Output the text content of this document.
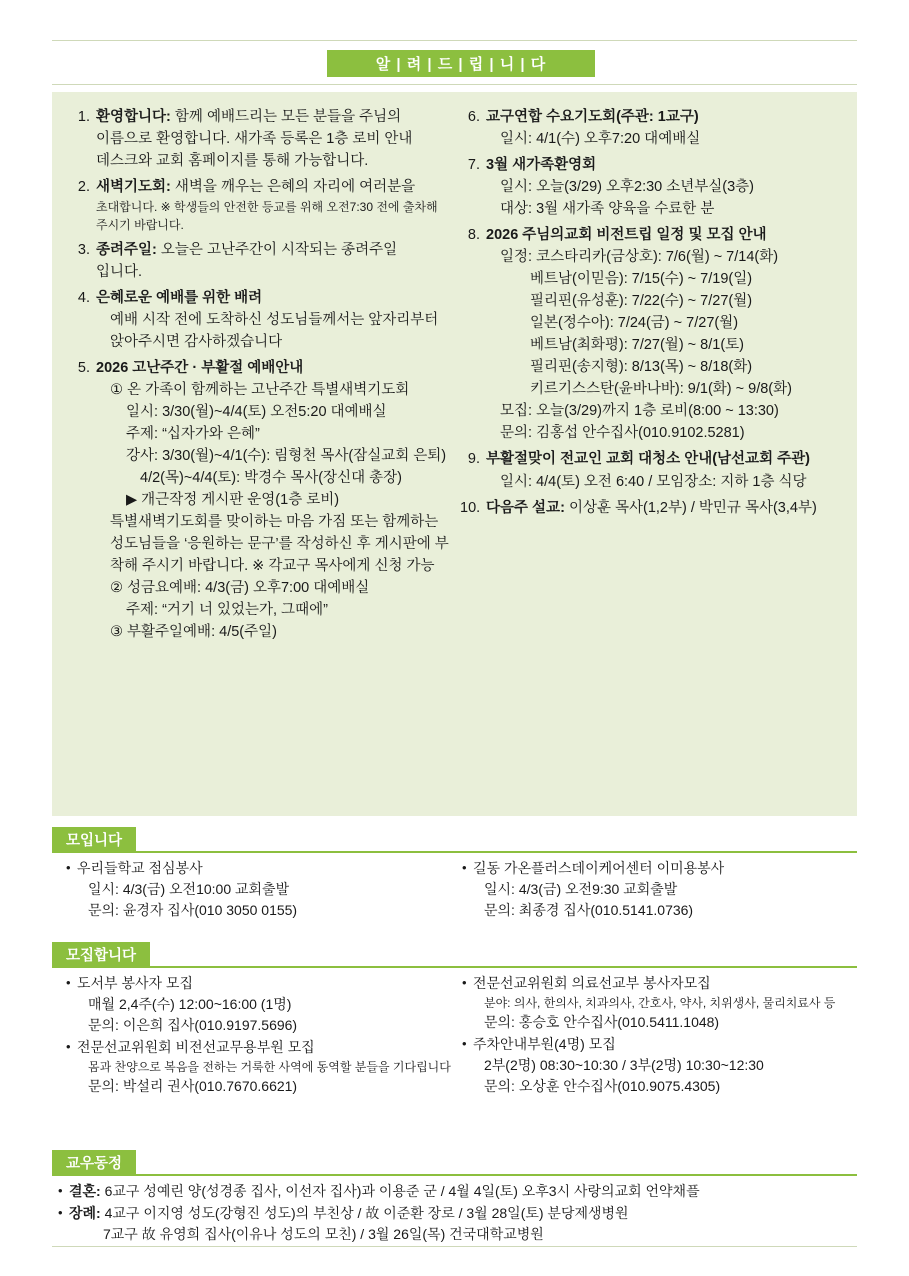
알 | 려 | 드 | 립 | 니 | 다
1. 환영합니다: 함께 예배드리는 모든 분들을 주님의
이름으로 환영합니다. 새가족 등록은 1층 로비 안내
데스크와 교회 홈페이지를 통해 가능합니다.
2. 새벽기도회: 새벽을 깨우는 은혜의 자리에 여러분을
초대합니다. ※ 학생들의 안전한 등교를 위해 오전7:30 전에 출차해
주시기 바랍니다.
3. 종려주일: 오늘은 고난주간이 시작되는 종려주일
입니다.
4. 은혜로운 예배를 위한 배려
예배 시작 전에 도착하신 성도님들께서는 앞자리부터
앉아주시면 감사하겠습니다
5. 2026 고난주간 · 부활절 예배안내
① 온 가족이 함께하는 고난주간 특별새벽기도회
일시: 3/30(월)~4/4(토) 오전5:20 대예배실
주제: “십자가와 은혜”
강사: 3/30(월)~4/1(수): 림형천 목사(잠실교회 은퇴)
4/2(목)~4/4(토): 박경수 목사(장신대 총장)
▶ 개근작정 게시판 운영(1층 로비)
특별새벽기도회를 맞이하는 마음 가짐 또는 함께하는
성도님들을 ‘응원하는 문구’를 작성하신 후 게시판에 부
착해 주시기 바랍니다. ※ 각교구 목사에게 신청 가능
② 성금요예배: 4/3(금) 오후7:00 대예배실
주제: “거기 너 있었는가, 그때에”
③ 부활주일예배: 4/5(주일)
6. 교구연합 수요기도회(주관: 1교구)
일시: 4/1(수) 오후7:20 대예배실
7. 3월 새가족환영회
일시: 오늘(3/29) 오후2:30 소년부실(3층)
대상: 3월 새가족 양육을 수료한 분
8. 2026 주님의교회 비전트립 일정 및 모집 안내
일정: 코스타리카(금상호): 7/6(월) ~ 7/14(화)
베트남(이믿음): 7/15(수) ~ 7/19(일)
필리핀(유성훈): 7/22(수) ~ 7/27(월)
일본(정수아): 7/24(금) ~ 7/27(월)
베트남(최화평): 7/27(월) ~ 8/1(토)
필리핀(송지형): 8/13(목) ~ 8/18(화)
키르기스스탄(윤바나바): 9/1(화) ~ 9/8(화)
모집: 오늘(3/29)까지 1층 로비(8:00 ~ 13:30)
문의: 김홍섭 안수집사(010.9102.5281)
9. 부활절맞이 전교인 교회 대청소 안내(남선교회 주관)
일시: 4/4(토) 오전 6:40 / 모임장소: 지하 1층 식당
10. 다음주 설교: 이상훈 목사(1,2부) / 박민규 목사(3,4부)
모입니다
• 우리들학교 점심봉사
일시: 4/3(금) 오전10:00 교회출발
문의: 윤경자 집사(010 3050 0155)
• 길동 가온플러스데이케어센터 이미용봉사
일시: 4/3(금) 오전9:30 교회출발
문의: 최종경 집사(010.5141.0736)
모집합니다
• 도서부 봉사자 모집
매월 2,4주(수) 12:00~16:00 (1명)
문의: 이은희 집사(010.9197.5696)
• 전문선교위원회 비전선교무용부원 모집
몸과 찬양으로 복음을 전하는 거룩한 사역에 동역할 분들을 기다립니다
문의: 박설리 권사(010.7670.6621)
• 전문선교위원회 의료선교부 봉사자모집
분야: 의사, 한의사, 치과의사, 간호사, 약사, 치위생사, 물리치료사 등
문의: 홍승호 안수집사(010.5411.1048)
• 주차안내부원(4명) 모집
2부(2명) 08:30~10:30 / 3부(2명) 10:30~12:30
문의: 오상훈 안수집사(010.9075.4305)
교우동정
• 결혼: 6교구 성예린 양(성경종 집사, 이선자 집사)과 이용준 군 / 4월 4일(토) 오후3시 사랑의교회 언약채플
• 장례: 4교구 이지영 성도(강형진 성도)의 부친상 / 故 이준환 장로 / 3월 28일(토) 분당제생병원
7교구 故 유영희 집사(이유나 성도의 모친) / 3월 26일(목) 건국대학교병원
